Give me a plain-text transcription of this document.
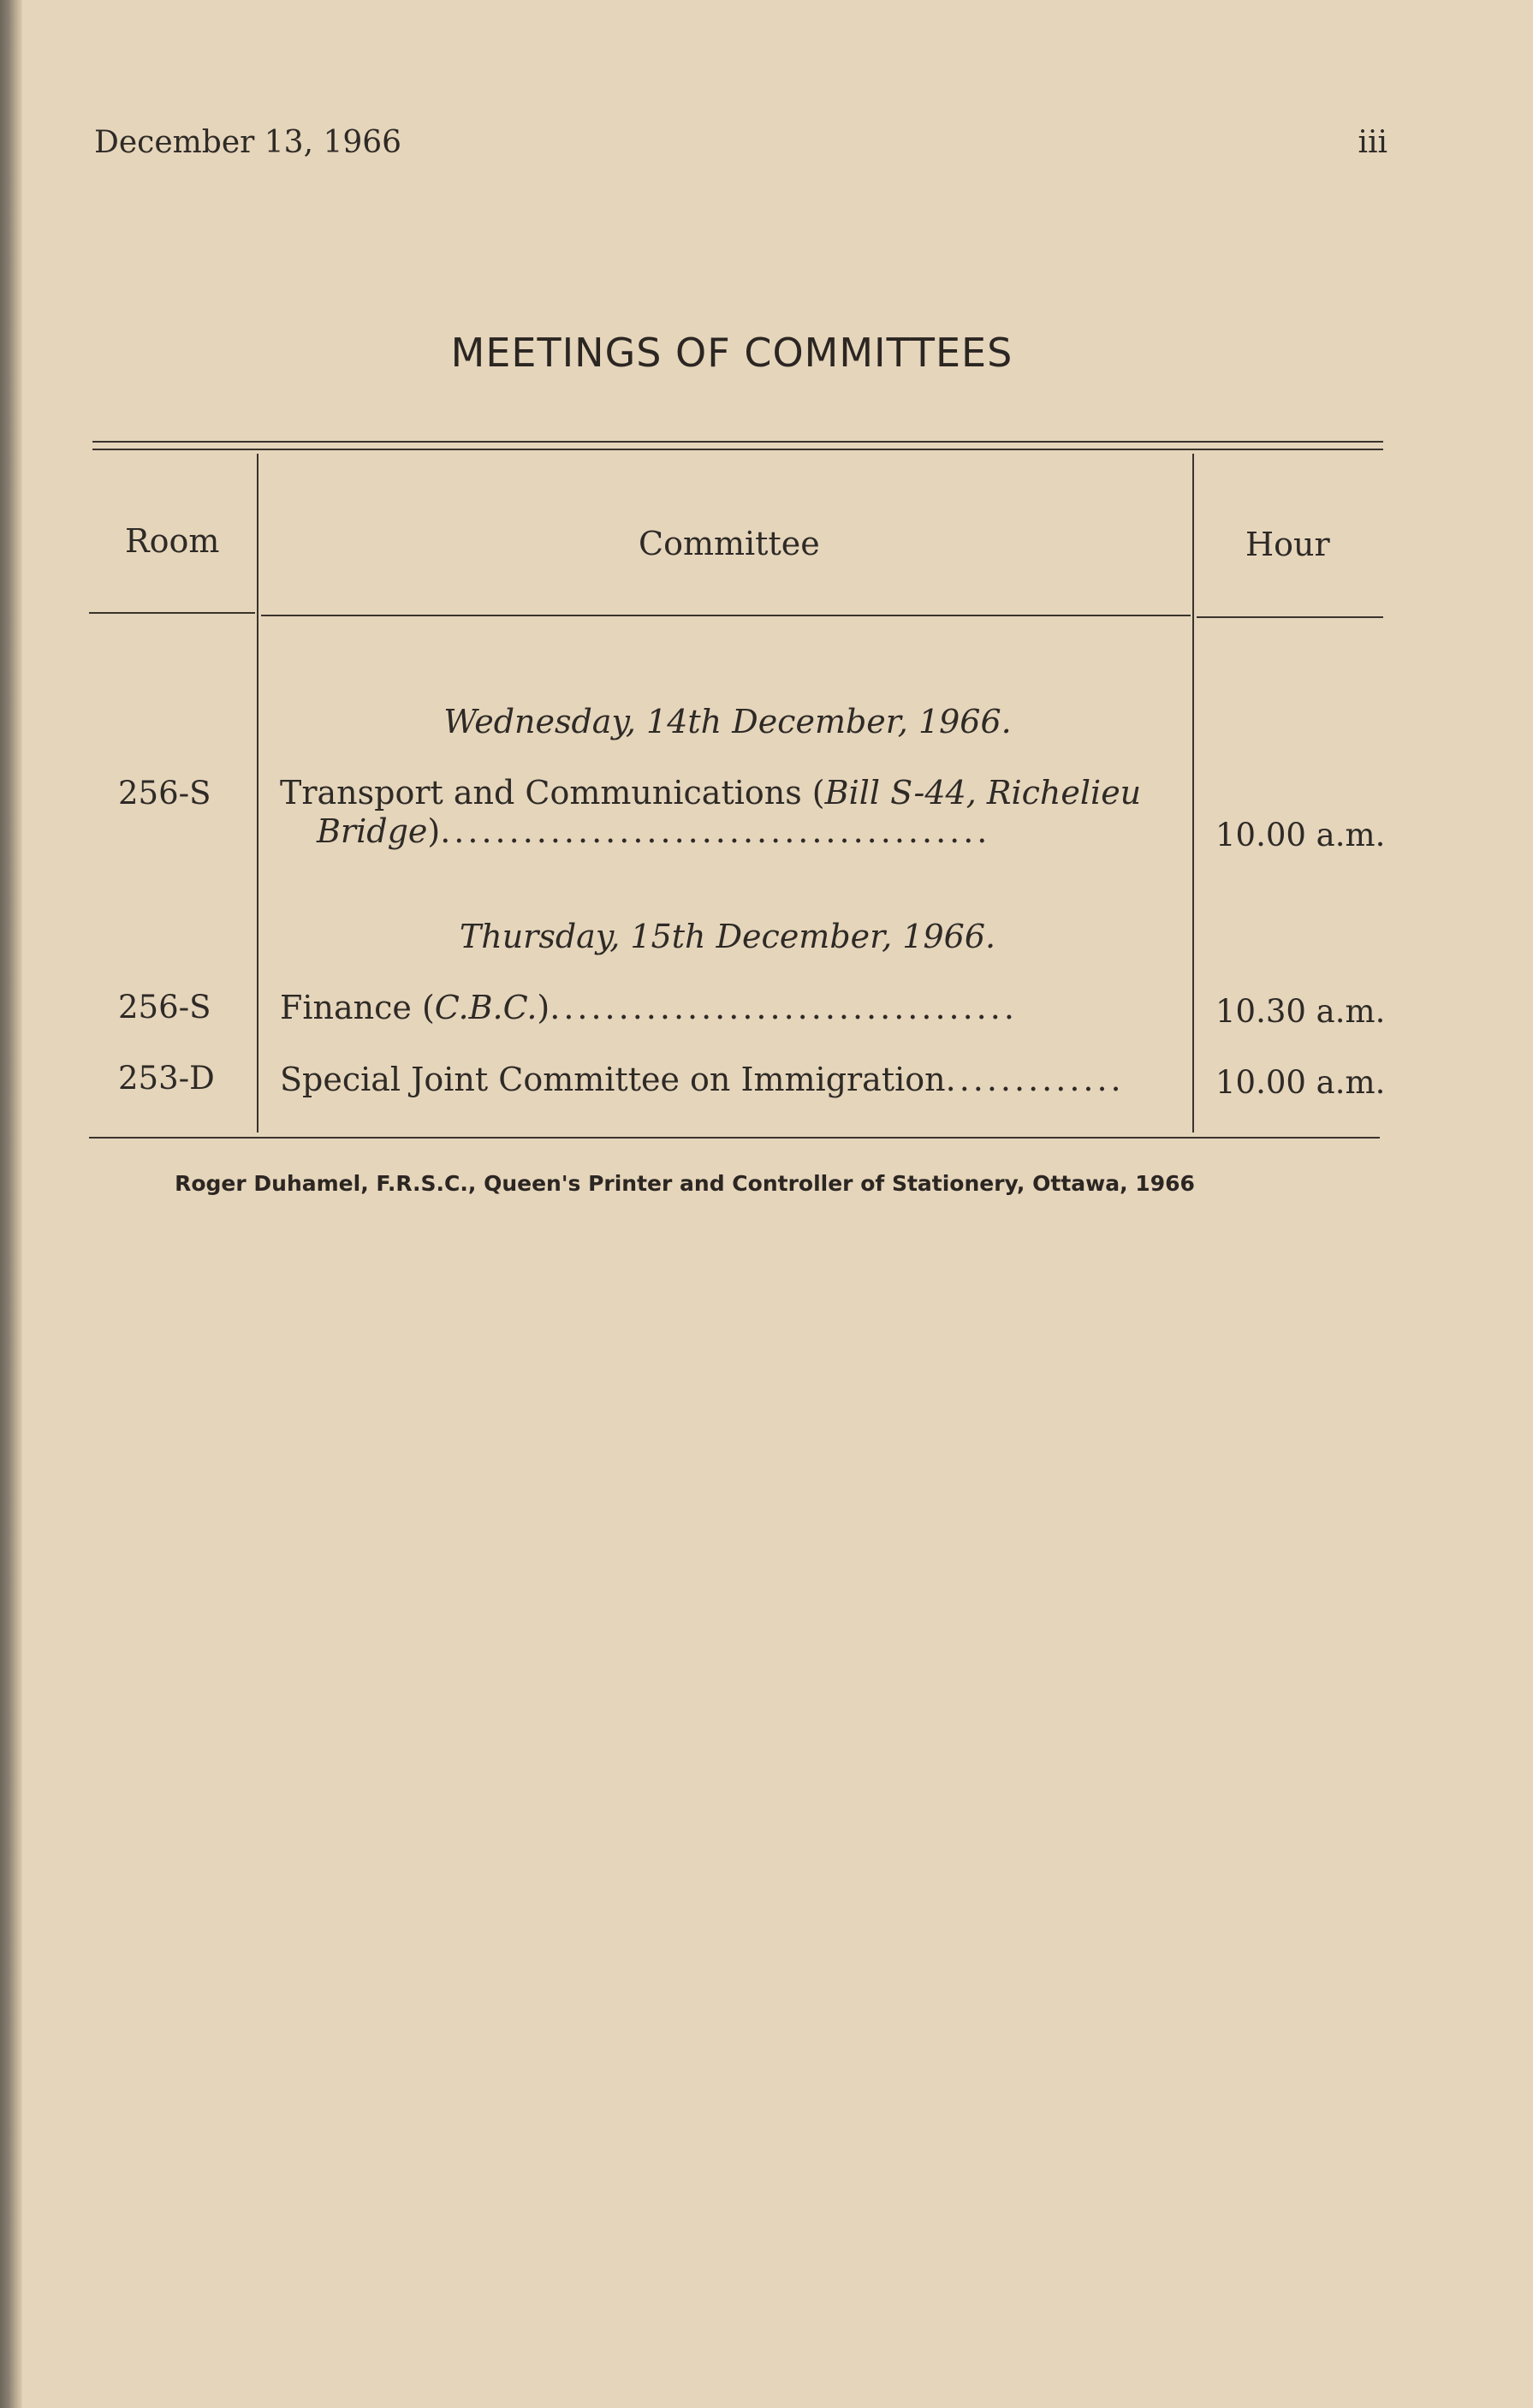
December 13, 1966	iii
MEETINGS OF COMMITTEES
Room	Committee	Hour
Wednesday, 14th December, 1966.
256-S Transport and Communications (Bill S-44, Richelieu
Bridge)........................................	10.00 a.m.
Thursday, 15th December, 1966.
256-S Finance (C.B.C.)..................................	10.30 a.m.
253-D Special Joint Committee on Immigration.............	10.00 a.m.
Roger Duhamel, F.R.S.C., Queen's Printer and Controller of Stationery, Ottawa, 1966
